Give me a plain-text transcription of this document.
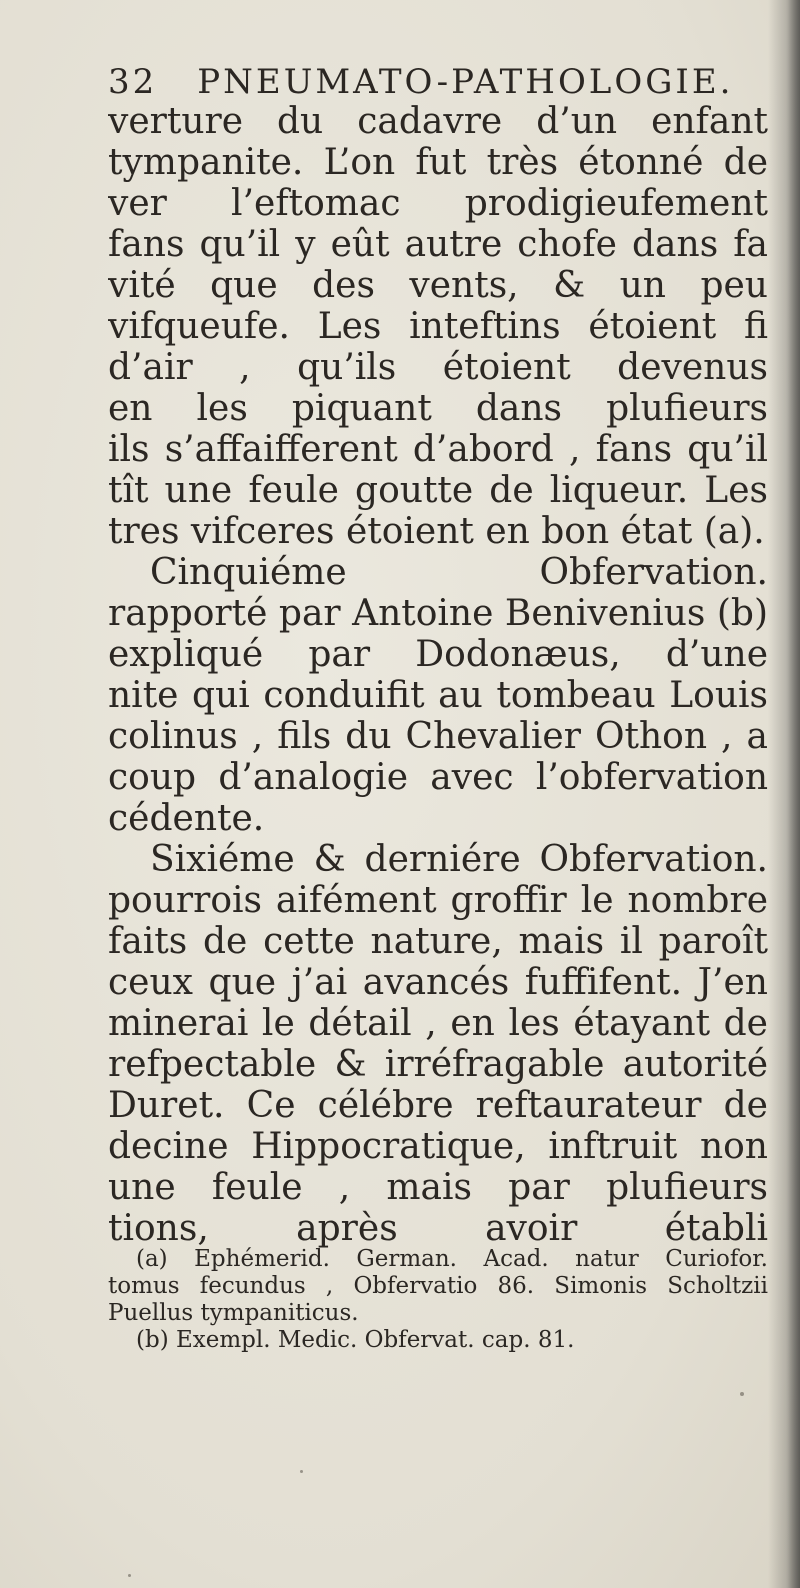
32 PNEUMATO-PATHOLOGIE.
verture du cadavre d’un enfant
tympanite. L’on fut très étonné de
ver l’eftomac prodigieufement
fans qu’il y eût autre chofe dans fa
vité que des vents, & un peu
vifqueufe. Les inteftins étoient fi
d’air , qu’ils étoient devenus
en les piquant dans plufieurs
ils s’affaifferent d’abord , fans qu’il
tît une feule goutte de liqueur. Les
tres vifceres étoient en bon état (a).
Cinquiéme Obfervation.
rapporté par Antoine Benivenius (b)
expliqué par Dodonæus, d’une
nite qui conduifit au tombeau Louis
colinus , fils du Chevalier Othon , a
coup d’analogie avec l’obfervation
cédente.
Sixiéme & derniére Obfervation.
pourrois aifément groffir le nombre
faits de cette nature, mais il paroît
ceux que j’ai avancés fuffifent. J’en
minerai le détail , en les étayant de
refpectable & irréfragable autorité
Duret. Ce célébre reftaurateur de
decine Hippocratique, inftruit non
une feule , mais par plufieurs
tions, après avoir établi
(a) Ephémerid. German. Acad. natur Curiofor.
tomus fecundus , Obfervatio 86. Simonis Scholtzii
Puellus tympaniticus.
(b) Exempl. Medic. Obfervat. cap. 81.
